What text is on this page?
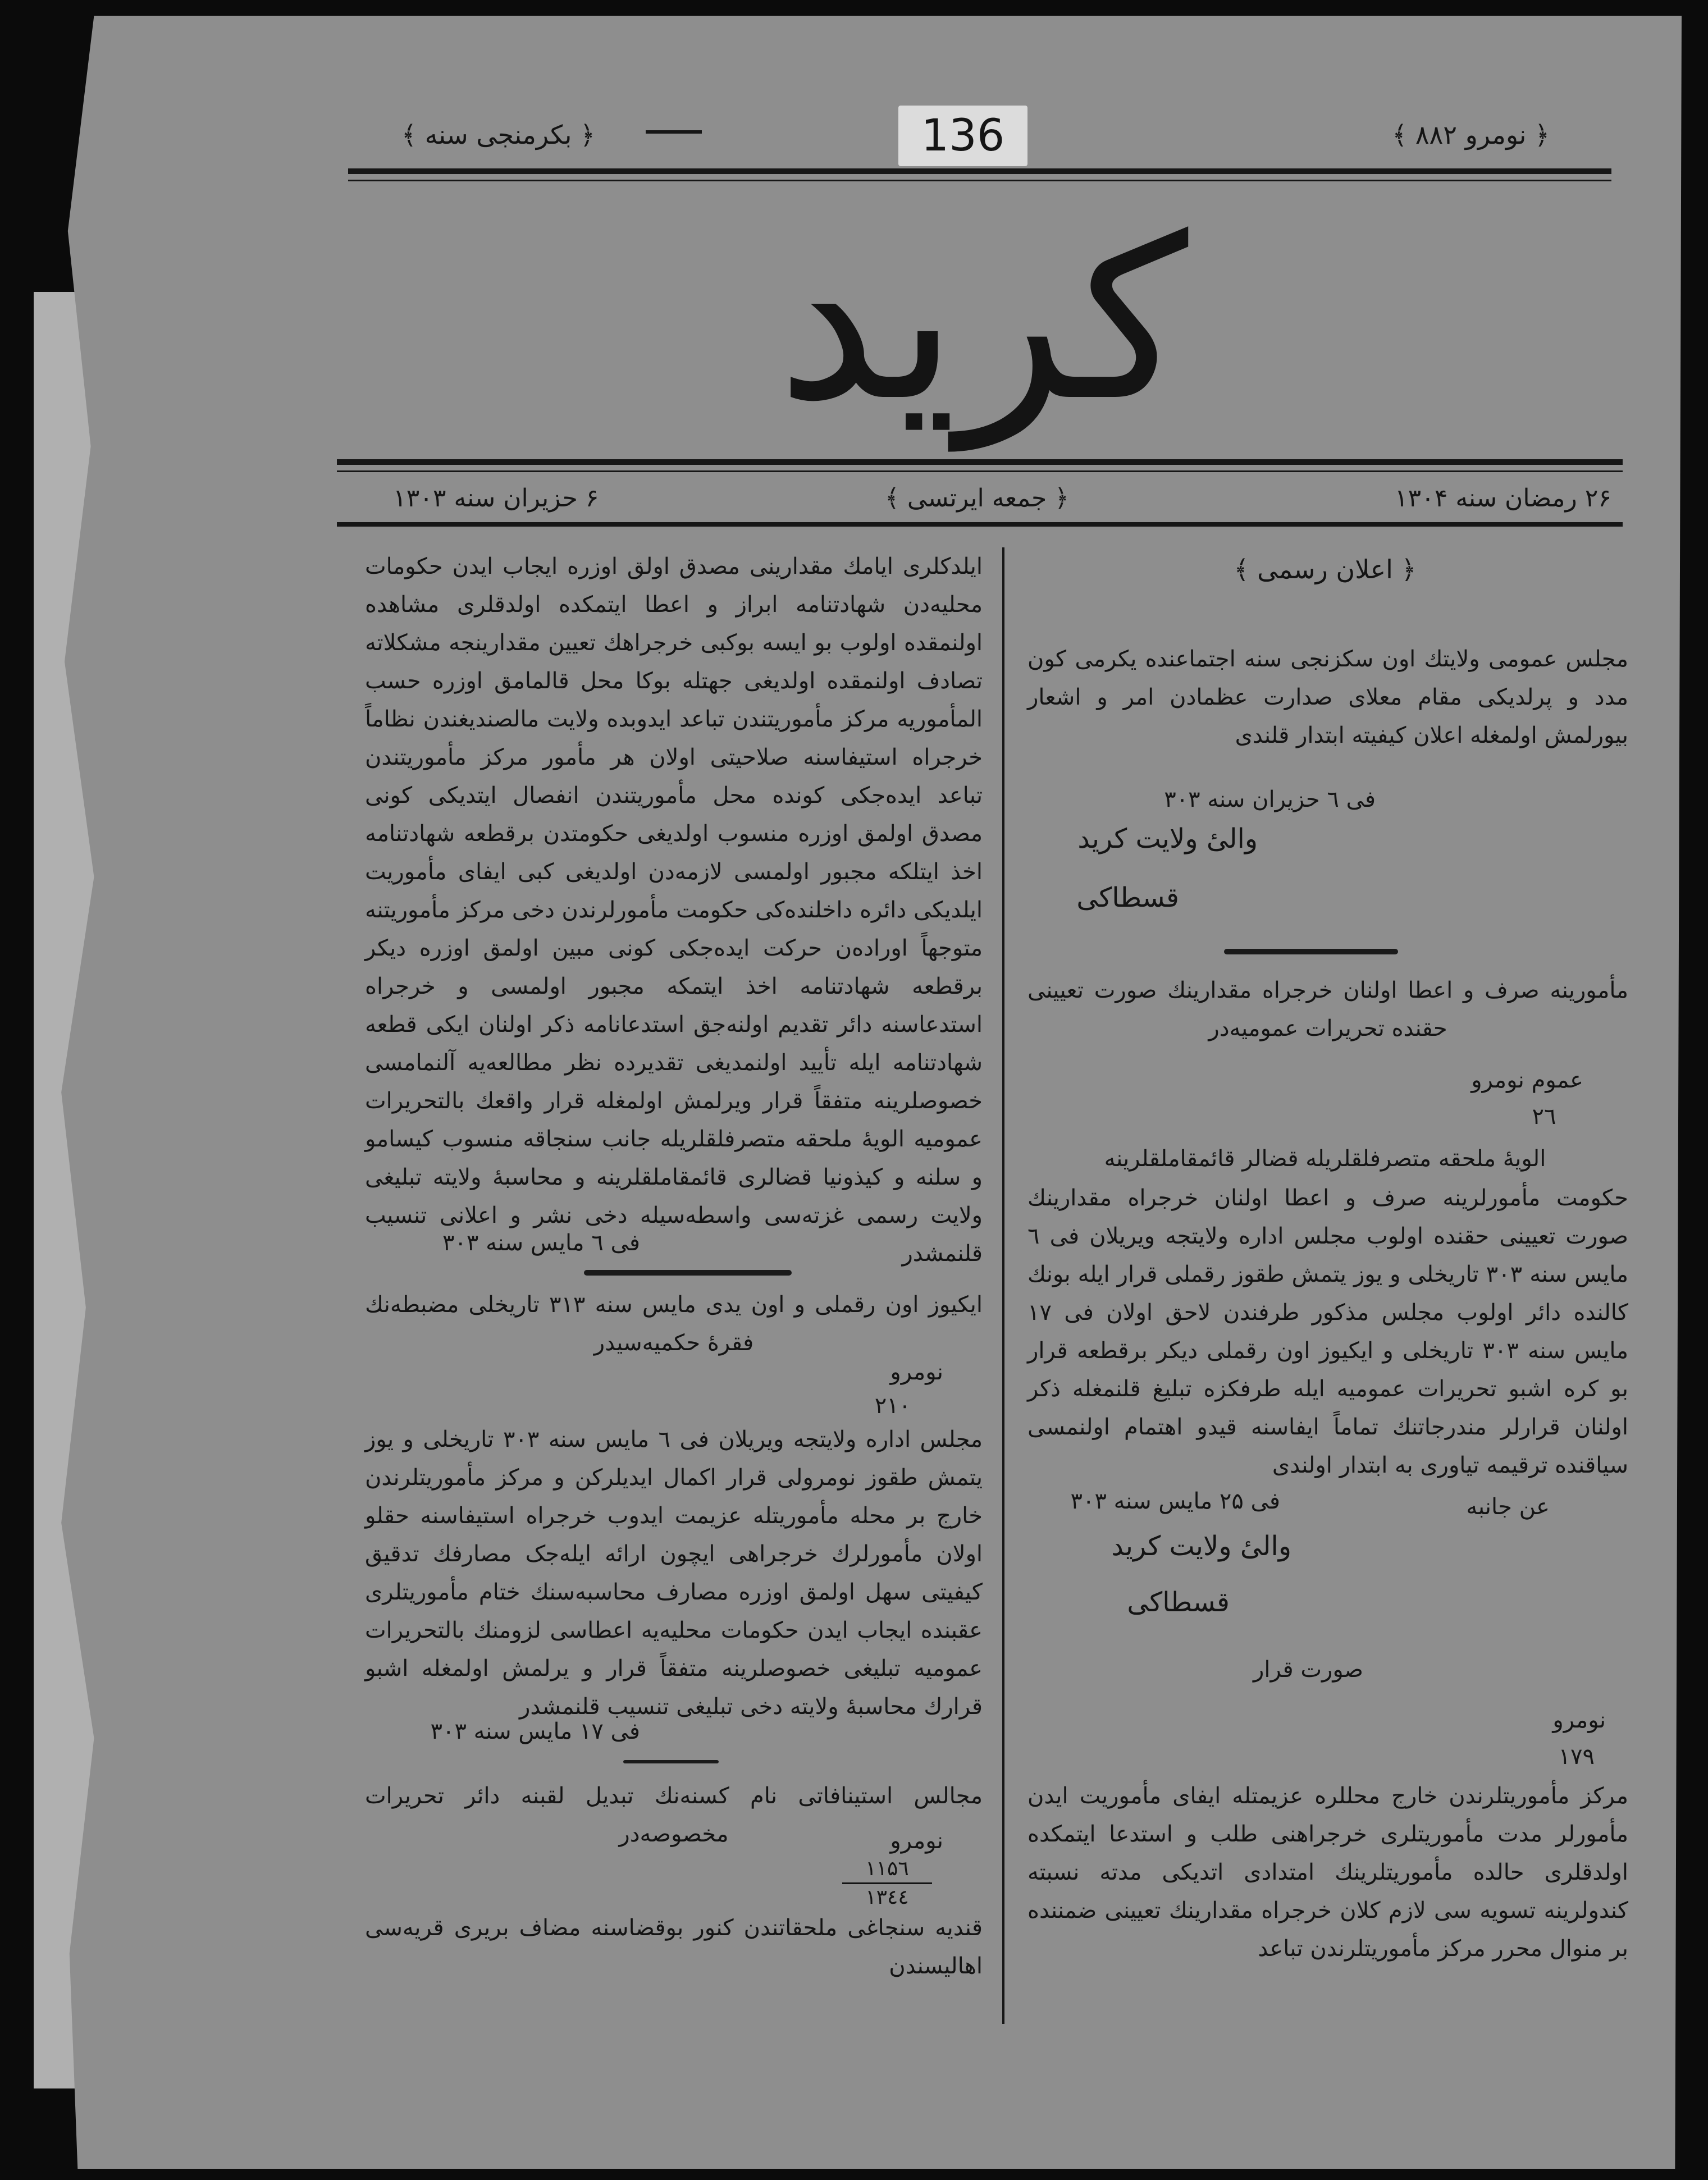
136	﴿ نومرو ۸۸۲ ﴾
﴿ بکرمنجی سنه ﴾
کرید
۲۶ رمضان سنه ۱۳۰۴
﴿ جمعه ایرتسی ﴾
۶ حزیران سنه ۱۳۰۳
﴿ اعلان رسمی ﴾
مجلس عمومی ولایتك اون سکزنجی سنه اجتماعنده یکرمی کون مدد و پرلدیکی مقام معلای صدارت عظمادن امر و اشعار بیورلمش اولمغله اعلان کیفیته ابتدار قلندی
فی ٦ حزیران سنه ۳۰۳
والیٔ ولایت کرید
قسطاکی
مأمورینه صرف و اعطا اولنان خرجراه مقدارینك صورت تعیینی حقنده تحریرات عمومیه‌در
عموم نومرو
۲٦
الویهٔ ملحقه متصرفلقلریله قضالر قائمقاملقلرینه
حکومت مأمورلرینه صرف و اعطا اولنان خرجراه مقدارینك صورت تعیینی حقنده اولوب مجلس اداره ولایتجه ویریلان فی ٦ مایس سنه ۳۰۳ تاریخلی و یوز یتمش طقوز رقملی قرار ایله بونك کالنده دائر اولوب مجلس مذکور طرفندن لاحق اولان فی ۱۷ مایس سنه ۳۰۳ تاریخلی و ایکیوز اون رقملی دیکر برقطعه قرار بو کره اشبو تحریرات عمومیه ایله طرفکزه تبلیغ قلنمغله ذکر اولنان قرارلر مندرجاتنك تماماً ایفاسنه قیدو اهتمام اولنمسی سیاقنده ترقیمه تیاوری به ابتدار اولندی
عن جانبه
فی ۲۵ مایس سنه ۳۰۳
والیٔ ولایت کرید
قسطاکی
صورت قرار
نومرو
۱۷۹
مرکز مأموریتلرندن خارج محللره عزیمتله ایفای مأموریت ایدن مأمورلر مدت مأموریتلری خرجراهنی طلب و استدعا ایتمکده اولدقلری حالده مأموریتلرینك امتدادی اتدیکی مدته نسبته کندولرینه تسویه سی لازم کلان خرجراه مقدارینك تعیینی ضمننده بر منوال محرر مرکز مأموریتلرندن تباعد
ایلدکلری ایامك مقدارینی مصدق اولق اوزره ایجاب ایدن حکومات محلیه‌دن شهادتنامه ابراز و اعطا ایتمکده اولدقلری مشاهده اولنمقده اولوب بو ایسه بوکبی خرجراهك تعیین مقدارینجه مشکلاته تصادف اولنمقده اولدیغی جهتله بوکا محل قالمامق اوزره حسب المأموریه مرکز مأموریتندن تباعد ایدوبده ولایت مالصندیغندن نظاماً خرجراه استیفاسنه صلاحیتی اولان هر مأمور مرکز مأموریتندن تباعد ایده‌جکی کونده محل مأموریتندن انفصال ایتدیکی کونی مصدق اولمق اوزره منسوب اولدیغی حکومتدن برقطعه شهادتنامه اخذ ایتلکه مجبور اولمسی لازمه‌دن اولدیغی کبی ایفای مأموریت ایلدیکی دائره داخلنده‌کی حکومت مأمورلرندن دخی مرکز مأموریتنه متوجهاً اوراده‌ن حرکت ایده‌جکی کونی مبین اولمق اوزره دیکر برقطعه شهادتنامه اخذ ایتمکه مجبور اولمسی و خرجراه استدعاسنه دائر تقدیم اولنه‌جق استدعانامه ذکر اولنان ایکی قطعه شهادتنامه ایله تأیید اولنمدیغی تقدیرده نظر مطالعه‌یه آلنمامسی خصوصلرینه متفقاً قرار ویرلمش اولمغله قرار واقعك بالتحریرات عمومیه الویهٔ ملحقه متصرفلقلریله جانب سنجاقه منسوب کیسامو و سلنه و کیذونیا قضالری قائمقاملقلرینه و محاسبهٔ ولایته تبلیغی ولایت رسمی غزته‌سی واسطه‌سیله دخی نشر و اعلانی تنسیب قلنمشدر
فی ٦ مایس سنه ۳۰۳
ایکیوز اون رقملی و اون یدی مایس سنه ۳۱۳ تاریخلی مضبطه‌نك فقرهٔ حکمیه‌سیدر
نومرو
۲۱۰
مجلس اداره ولایتجه ویریلان فی ٦ مایس سنه ۳۰۳ تاریخلی و یوز یتمش طقوز نومرولی قرار اکمال ایدیلرکن و مرکز مأموریتلرندن خارج بر محله مأموریتله عزیمت ایدوب خرجراه استیفاسنه حقلو اولان مأمورلرك خرجراهی ایچون ارائه ایله‌جک مصارفك تدقیق کیفیتی سهل اولمق اوزره مصارف محاسبه‌سنك ختام مأموریتلری عقبنده ایجاب ایدن حکومات محلیه‌یه اعطاسی لزومنك بالتحریرات عمومیه تبلیغی خصوصلرینه متفقاً قرار و یرلمش اولمغله اشبو قرارك محاسبهٔ ولایته دخی تبلیغی تنسیب قلنمشدر
فی ۱۷ مایس سنه ۳۰۳
مجالس استینافاتی نام کسنه‌نك تبدیل لقبنه دائر تحریرات مخصوصه‌در	نومرو
۱۱۵٦
۱۳٤٤
قندیه سنجاغی ملحقاتندن کنور بوقضاسنه مضاف بریری قریه‌سی اهالیسندن
